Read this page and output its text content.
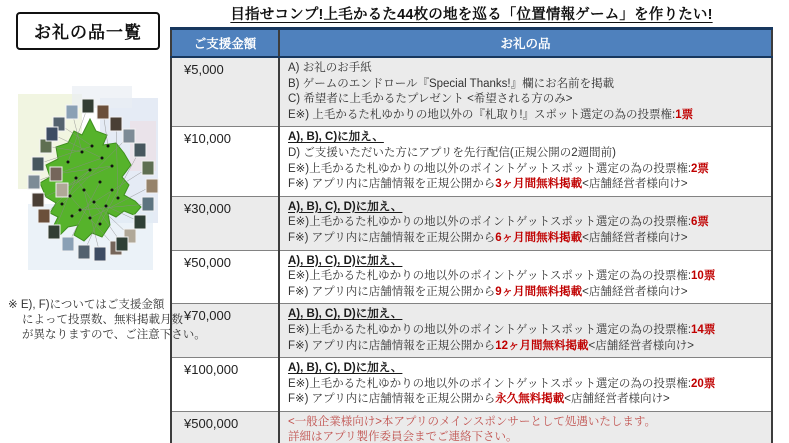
お礼の品一覧
目指せコンプ!上毛かるた44枚の地を巡る「位置情報ゲーム」を作りたい!
ご支援金額	お礼の品
¥5,000	A) お礼のお手紙
B) ゲームのエンドロール『Special Thanks!』欄にお名前を掲載
C) 希望者に上毛かるたプレゼント <希望される方のみ>
E※) 上毛かるた札ゆかりの地以外の『札取り!』スポット選定の為の投票権:1票

¥10,000	A), B), C)に加え、
D) ご支援いただいた方にアプリを先行配信(正規公開の2週間前)
E※)上毛かるた札ゆかりの地以外のポイントゲットスポット選定の為の投票権:2票
F※) アプリ内に店舗情報を正規公開から3ヶ月間無料掲載<店舗経営者様向け>

¥30,000	A), B), C), D)に加え、
E※)上毛かるた札ゆかりの地以外のポイントゲットスポット選定の為の投票権:6票
F※) アプリ内に店舗情報を正規公開から6ヶ月間無料掲載<店舗経営者様向け>

¥50,000	A), B), C), D)に加え、
E※)上毛かるた札ゆかりの地以外のポイントゲットスポット選定の為の投票権:10票
F※) アプリ内に店舗情報を正規公開から9ヶ月間無料掲載<店舗経営者様向け>

¥70,000	A), B), C), D)に加え、
E※)上毛かるた札ゆかりの地以外のポイントゲットスポット選定の為の投票権:14票
F※) アプリ内に店舗情報を正規公開から12ヶ月間無料掲載<店舗経営者様向け>

¥100,000	A), B), C), D)に加え、
E※)上毛かるた札ゆかりの地以外のポイントゲットスポット選定の為の投票権:20票
F※) アプリ内に店舗情報を正規公開から永久無料掲載<店舗経営者様向け>

¥500,000	<一般企業様向け>本アプリのメインスポンサーとして処遇いたします。
詳細はアプリ製作委員会までご連絡下さい。
※ E), F)についてはご支援金額
によって投票数、無料掲載月数
が異なりますので、ご注意下さい。
